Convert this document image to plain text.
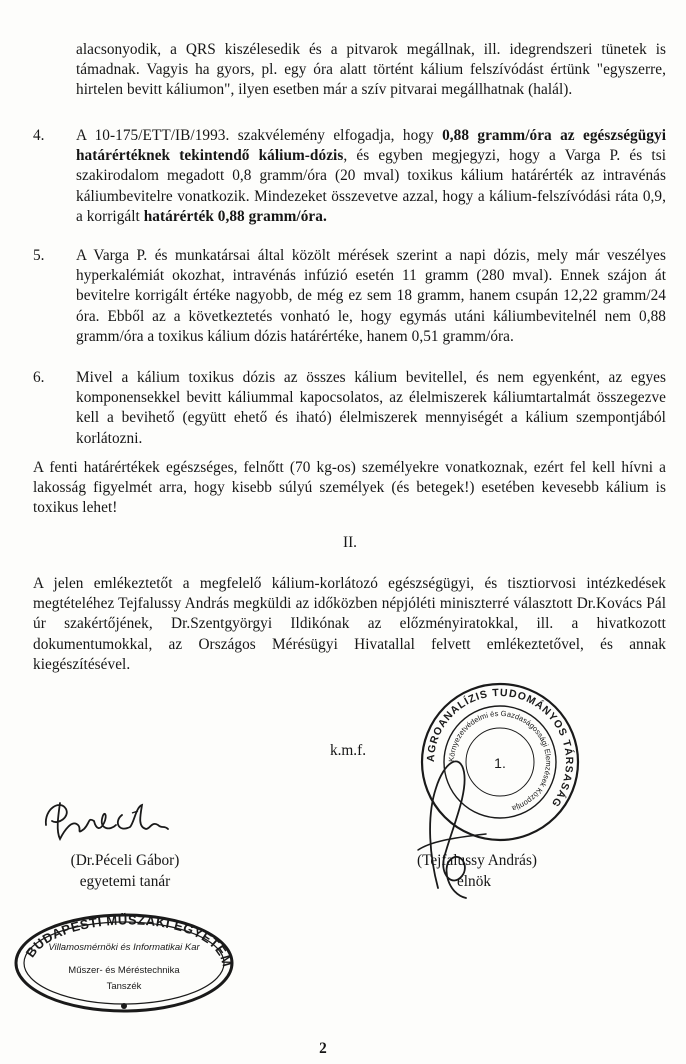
alacsonyodik, a QRS kiszélesedik és a pitvarok megállnak, ill. idegrendszeri tünetek is támadnak. Vagyis ha gyors, pl. egy óra alatt történt kálium felszívódást értünk "egyszerre, hirtelen bevitt káliumon", ilyen esetben már a szív pitvarai megállhatnak (halál).
4. A 10-175/ETT/IB/1993. szakvélemény elfogadja, hogy 0,88 gramm/óra az egészségügyi határértéknek tekintendő kálium-dózis, és egyben megjegyzi, hogy a Varga P. és tsi szakirodalom megadott 0,8 gramm/óra (20 mval) toxikus kálium határérték az intravénás káliumbevitelre vonatkozik. Mindezeket összevetve azzal, hogy a kálium-felszívódási ráta 0,9, a korrigált határérték 0,88 gramm/óra.
5. A Varga P. és munkatársai által közölt mérések szerint a napi dózis, mely már veszélyes hyperkalémiát okozhat, intravénás infúzió esetén 11 gramm (280 mval). Ennek szájon át bevitelre korrigált értéke nagyobb, de még ez sem 18 gramm, hanem csupán 12,22 gramm/24 óra. Ebből az a következtetés vonható le, hogy egymás utáni káliumbevitelnél nem 0,88 gramm/óra a toxikus kálium dózis határértéke, hanem 0,51 gramm/óra.
6. Mivel a kálium toxikus dózis az összes kálium bevitellel, és nem egyenként, az egyes komponensekkel bevitt káliummal kapocsolatos, az élelmiszerek káliumtartalmát összegezve kell a bevihető (együtt ehető és iható) élelmiszerek mennyiségét a kálium szempontjából korlátozni.
A fenti határértékek egészséges, felnőtt (70 kg-os) személyekre vonatkoznak, ezért fel kell hívni a lakosság figyelmét arra, hogy kisebb súlyú személyek (és betegek!) esetében kevesebb kálium is toxikus lehet!
II.
A jelen emlékeztetőt a megfelelő kálium-korlátozó egészségügyi, és tisztiorvosi intézkedések megtételéhez Tejfalussy András megküldi az időközben népjóléti miniszterré választott Dr.Kovács Pál úr szakértőjének, Dr.Szentgyörgyi Ildikónak az előzményiratokkal, ill. a hivatkozott dokumentumokkal, az Országos Mérésügyi Hivatallal felvett emlékeztetővel, és annak kiegészítésével.
k.m.f.
(Dr.Péceli Gábor)
egyetemi tanár
BUDAPESTI MŰSZAKI EGYETEM
Villamosmérnöki és Informatikai Kar
Műszer- és Méréstechnika
Tanszék
AGROANALÍZIS TUDOMÁNYOS TÁRSASÁG
Környezetvédelmi és Gazdaságossági Elemzések Központja
1.
(Tejfalussy András)
elnök
2
